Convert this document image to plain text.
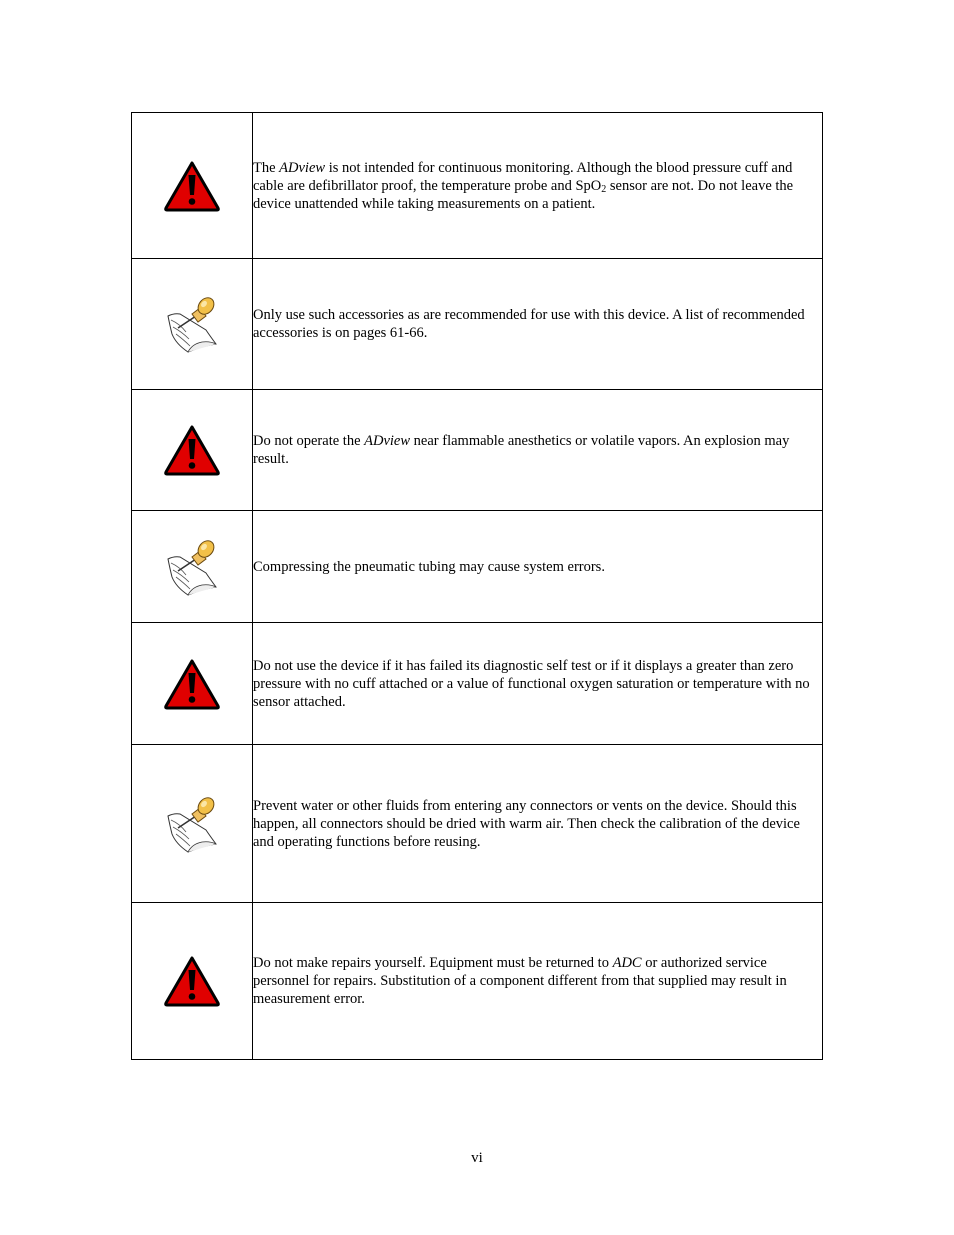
	The ADview is not intended for continuous monitoring. Although the blood pressure cuff and cable are defibrillator proof, the temperature probe and SpO$_2$ sensor are not. Do not leave the device unattended while taking measurements on a patient.

	Only use such accessories as are recommended for use with this device. A list of recommended accessories is on pages 61-66.

	Do not operate the ADview near flammable anesthetics or volatile vapors. An explosion may result.

	Compressing the pneumatic tubing may cause system errors.

	Do not use the device if it has failed its diagnostic self test or if it displays a greater than zero pressure with no cuff attached or a value of functional oxygen saturation or temperature with no sensor attached.

	Prevent water or other fluids from entering any connectors or vents on the device. Should this happen, all connectors should be dried with warm air. Then check the calibration of the device and operating functions before reusing.

	Do not make repairs yourself. Equipment must be returned to ADC or authorized service personnel for repairs. Substitution of a component different from that supplied may result in measurement error.
vi
